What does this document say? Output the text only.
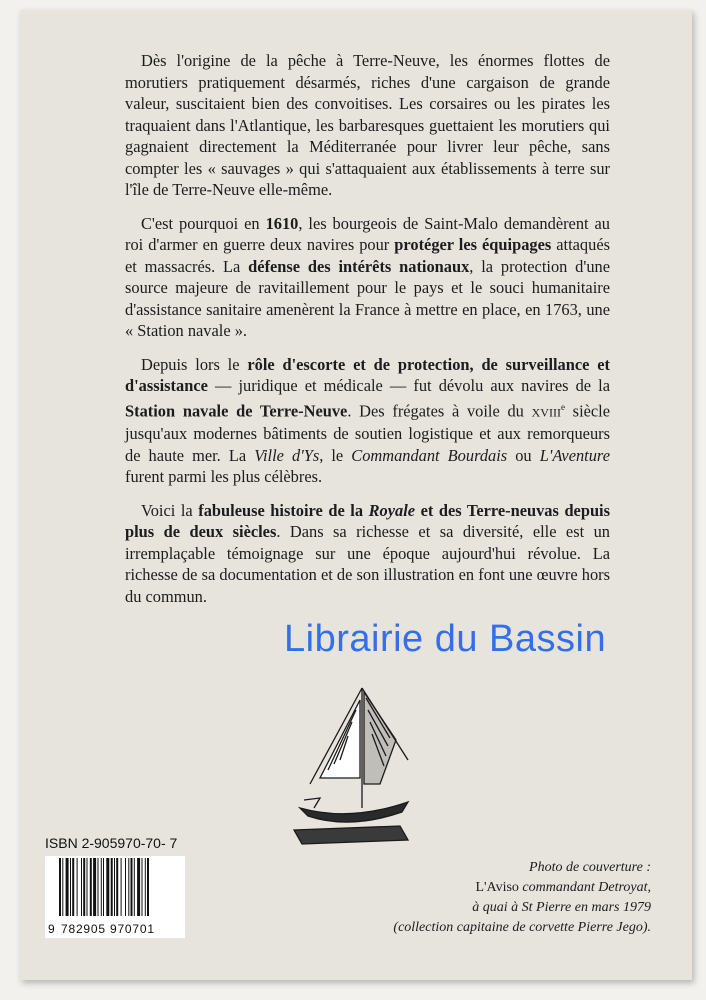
Dès l'origine de la pêche à Terre-Neuve, les énormes flottes de morutiers pratiquement désarmés, riches d'une cargaison de grande valeur, suscitaient bien des convoitises. Les corsaires ou les pirates les traquaient dans l'Atlantique, les barbaresques guettaient les morutiers qui gagnaient directement la Méditerranée pour livrer leur pêche, sans compter les « sauvages » qui s'attaquaient aux établissements à terre sur l'île de Terre-Neuve elle-même.

C'est pourquoi en 1610, les bourgeois de Saint-Malo demandèrent au roi d'armer en guerre deux navires pour protéger les équipages attaqués et massacrés. La défense des intérêts nationaux, la protection d'une source majeure de ravitaillement pour le pays et le souci humanitaire d'assistance sanitaire amenèrent la France à mettre en place, en 1763, une « Station navale ».

Depuis lors le rôle d'escorte et de protection, de surveillance et d'assistance — juridique et médicale — fut dévolu aux navires de la Station navale de Terre-Neuve. Des frégates à voile du XVIIIe siècle jusqu'aux modernes bâtiments de soutien logistique et aux remorqueurs de haute mer. La Ville d'Ys, le Commandant Bourdais ou L'Aventure furent parmi les plus célèbres.

Voici la fabuleuse histoire de la Royale et des Terre-neuvas depuis plus de deux siècles. Dans sa richesse et sa diversité, elle est un irremplaçable témoignage sur une époque aujourd'hui révolue. La richesse de sa documentation et de son illustration en font une œuvre hors du commun.

Librairie du Bassin
ISBN 2-905970-70- 7
9 782905 970701
Photo de couverture :
L'Aviso commandant Detroyat,
à quai à St Pierre en mars 1979
(collection capitaine de corvette Pierre Jego).
